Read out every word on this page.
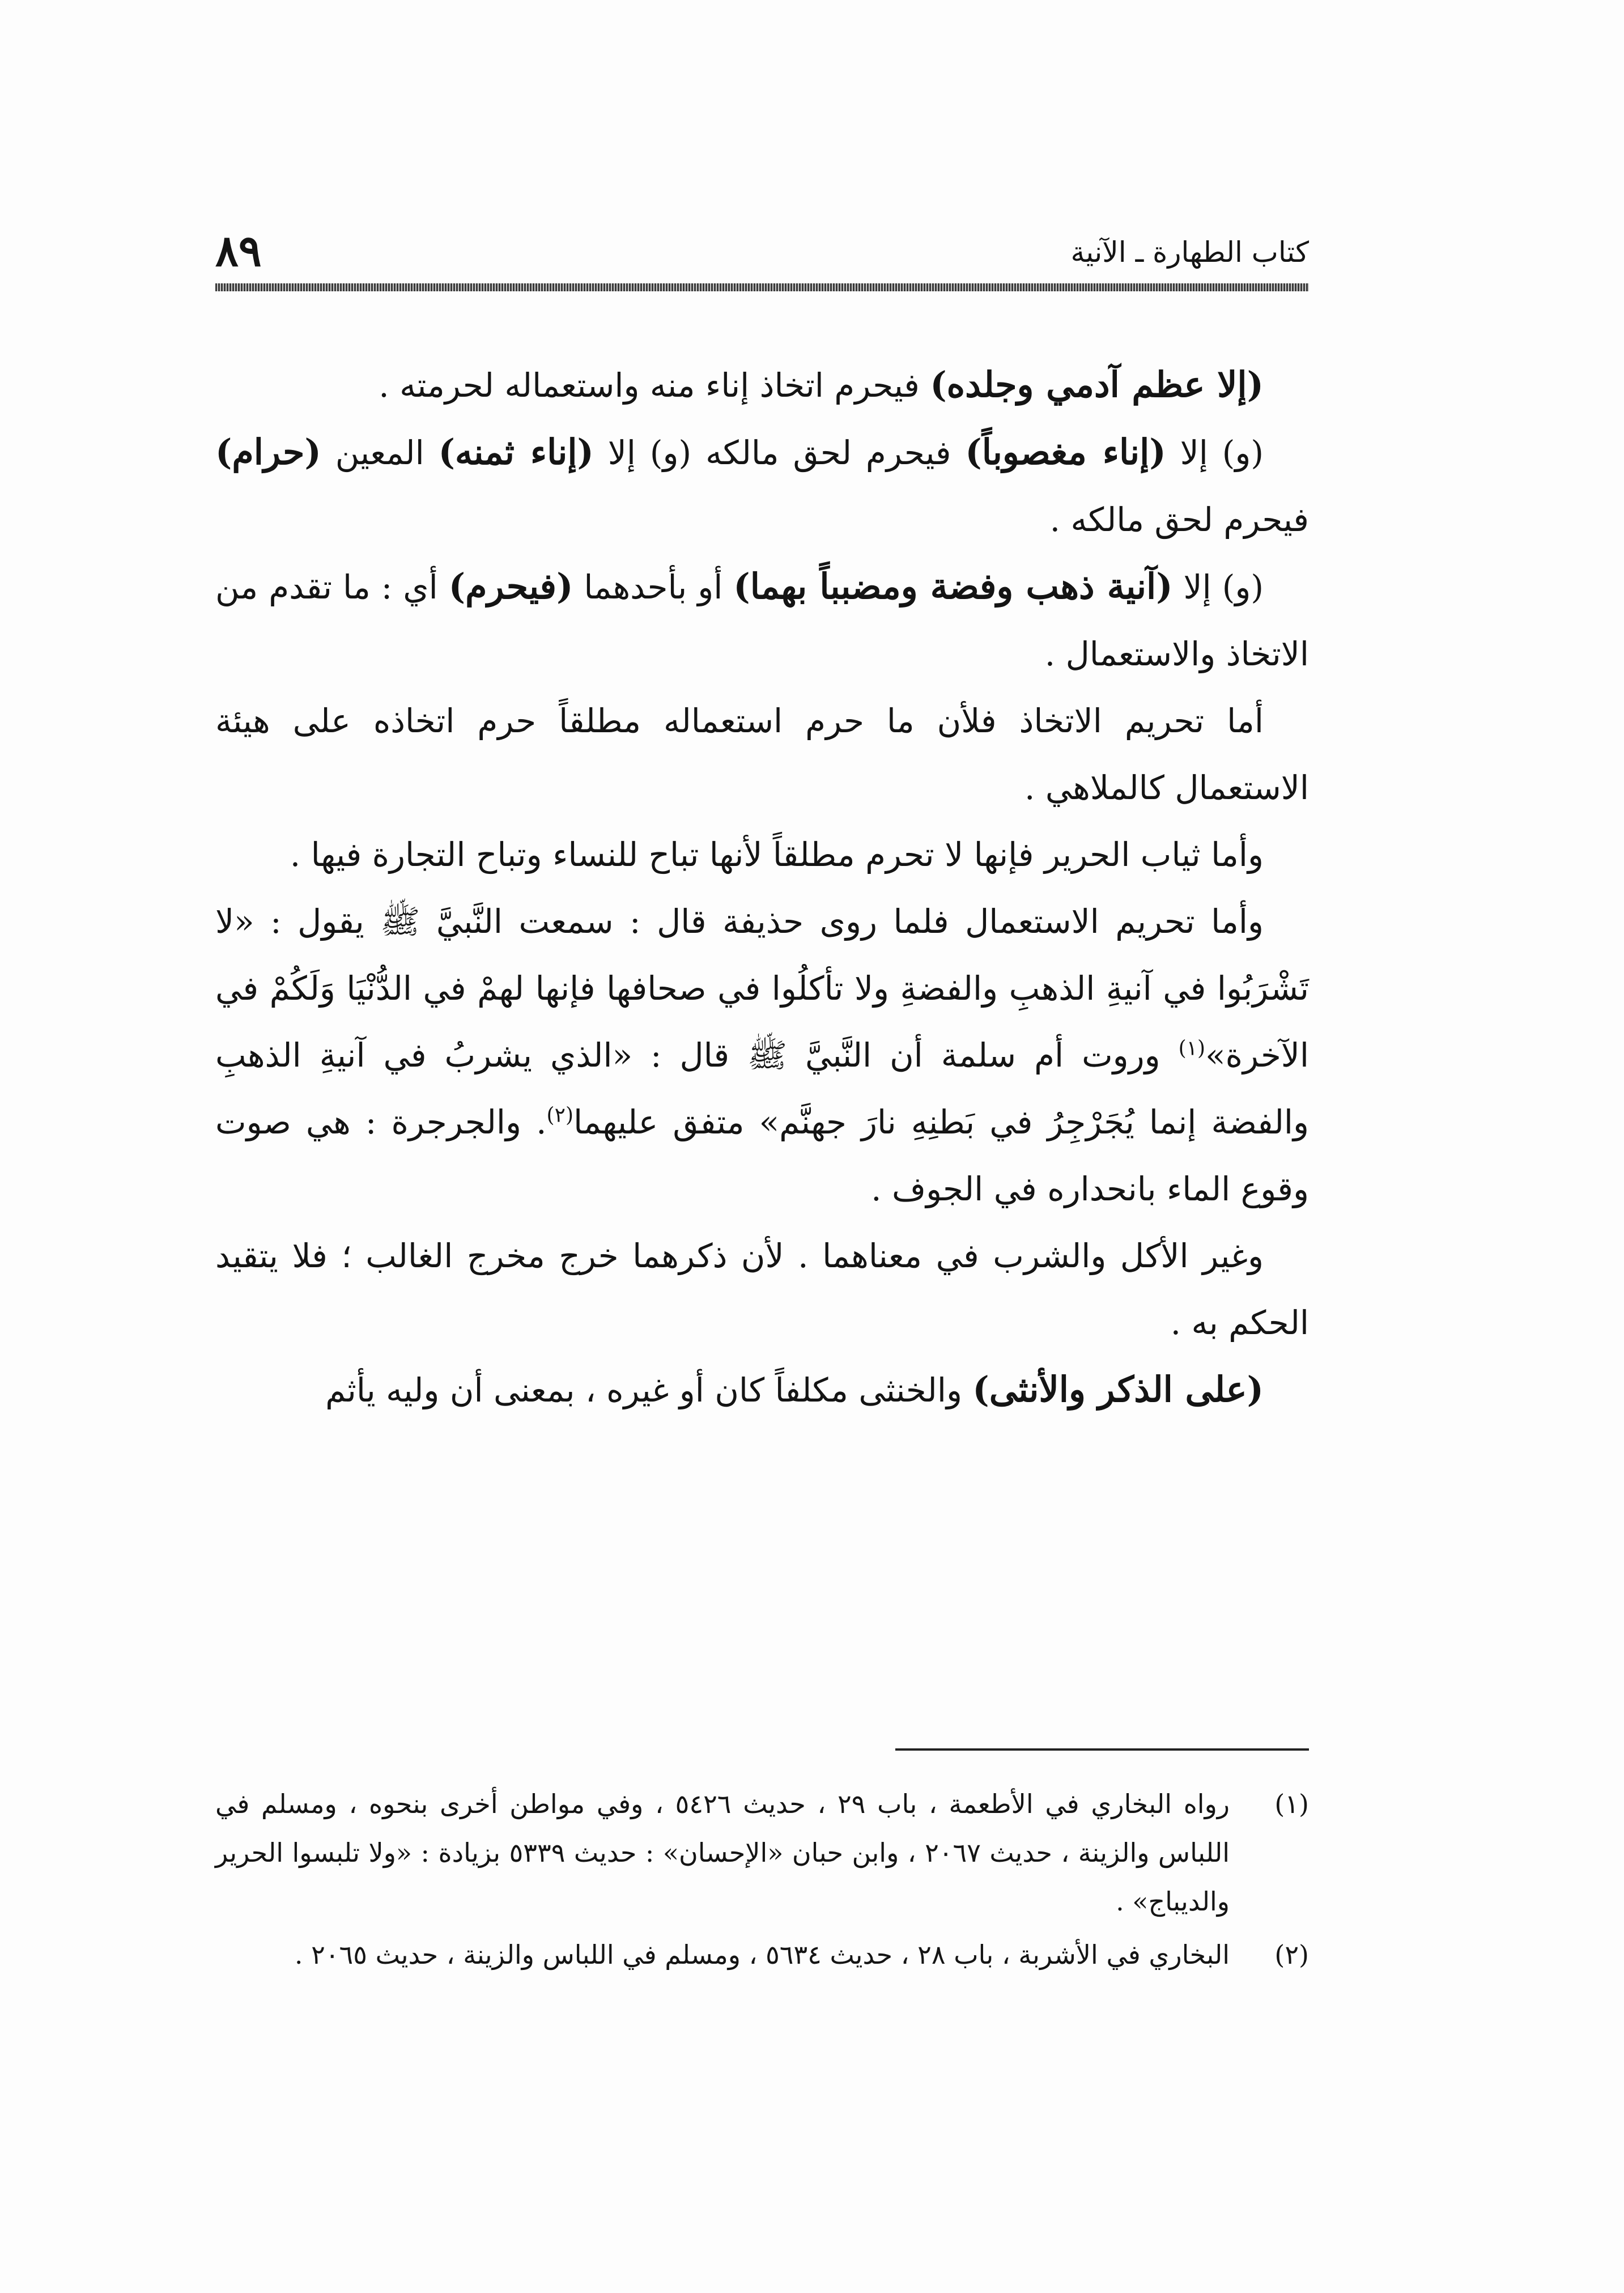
كتاب الطهارة ـ الآنية
٨٩

(إلا عظم آدمي وجلده) فيحرم اتخاذ إناء منه واستعماله لحرمته .

(و) إلا (إناء مغصوباً) فيحرم لحق مالكه (و) إلا (إناء ثمنه) المعين (حرام) فيحرم لحق مالكه .

(و) إلا (آنية ذهب وفضة ومضبباً بهما) أو بأحدهما (فيحرم) أي : ما تقدم من الاتخاذ والاستعمال .

أما تحريم الاتخاذ فلأن ما حرم استعماله مطلقاً حرم اتخاذه على هيئة الاستعمال كالملاهي .

وأما ثياب الحرير فإنها لا تحرم مطلقاً لأنها تباح للنساء وتباح التجارة فيها .

وأما تحريم الاستعمال فلما روى حذيفة قال : سمعت النَّبيَّ ﷺ يقول : «لا تَشْرَبُوا في آنيةِ الذهبِ والفضةِ ولا تأكلُوا في صحافها فإنها لهمْ في الدُّنْيَا وَلَكُمْ في الآخرة»$^{(١)}$ وروت أم سلمة أن النَّبيَّ ﷺ قال : «الذي يشربُ في آنيةِ الذهبِ والفضة إنما يُجَرْجِرُ في بَطنِهِ نارَ جهنَّم» متفق عليهما$^{(٢)}$. والجرجرة : هي صوت وقوع الماء بانحداره في الجوف .

وغير الأكل والشرب في معناهما . لأن ذكرهما خرج مخرج الغالب ؛ فلا يتقيد الحكم به .

(على الذكر والأنثى) والخنثى مكلفاً كان أو غيره ، بمعنى أن وليه يأثم

(١)
رواه البخاري في الأطعمة ، باب ٢٩ ، حديث ٥٤٢٦ ، وفي مواطن أخرى بنحوه ، ومسلم في اللباس والزينة ، حديث ٢٠٦٧ ، وابن حبان «الإحسان» : حديث ٥٣٣٩ بزيادة : «ولا تلبسوا الحرير والديباج» .
(٢)
البخاري في الأشربة ، باب ٢٨ ، حديث ٥٦٣٤ ، ومسلم في اللباس والزينة ، حديث ٢٠٦٥ .
